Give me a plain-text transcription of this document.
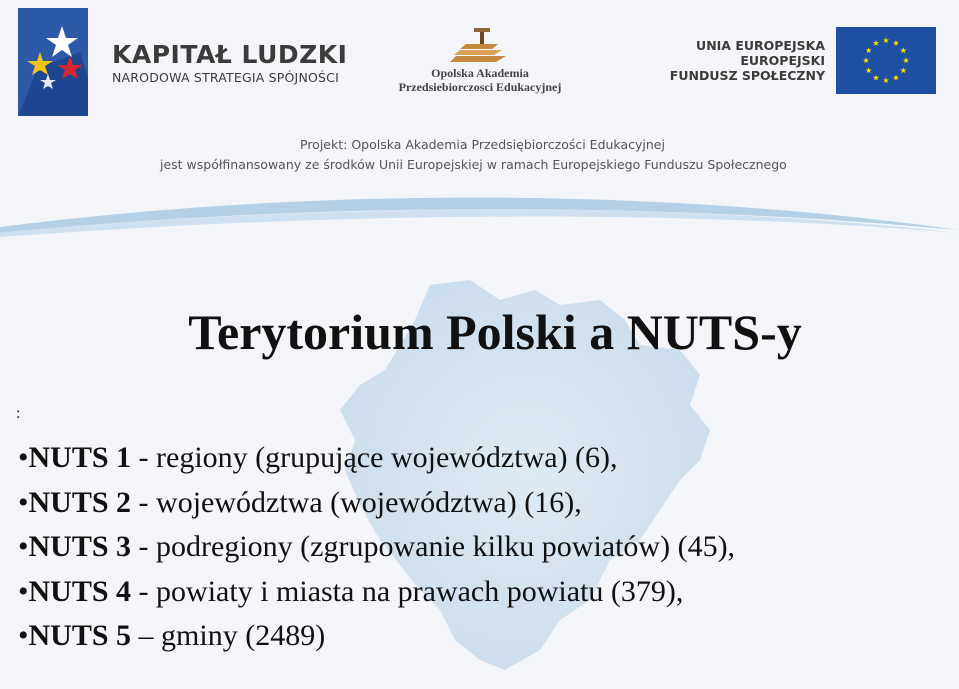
KAPITAŁ LUDZKI
NARODOWA STRATEGIA SPÓJNOŚCI	Opolska Akademia
Przedsiebiorczosci Edukacyjnej
UNIA EUROPEJSKA
EUROPEJSKI
FUNDUSZ SPOŁECZNY
Projekt: Opolska Akademia Przedsiębiorczości Edukacyjnej
jest współfinansowany ze środków Unii Europejskiej w ramach Europejskiego Funduszu Społecznego
Terytorium Polski a NUTS-y
:
•NUTS 1 - regiony (grupujące województwa) (6),
•NUTS 2 - województwa (województwa) (16),
•NUTS 3 - podregiony (zgrupowanie kilku powiatów) (45),
•NUTS 4 - powiaty i miasta na prawach powiatu (379),
•NUTS 5 – gminy (2489)
